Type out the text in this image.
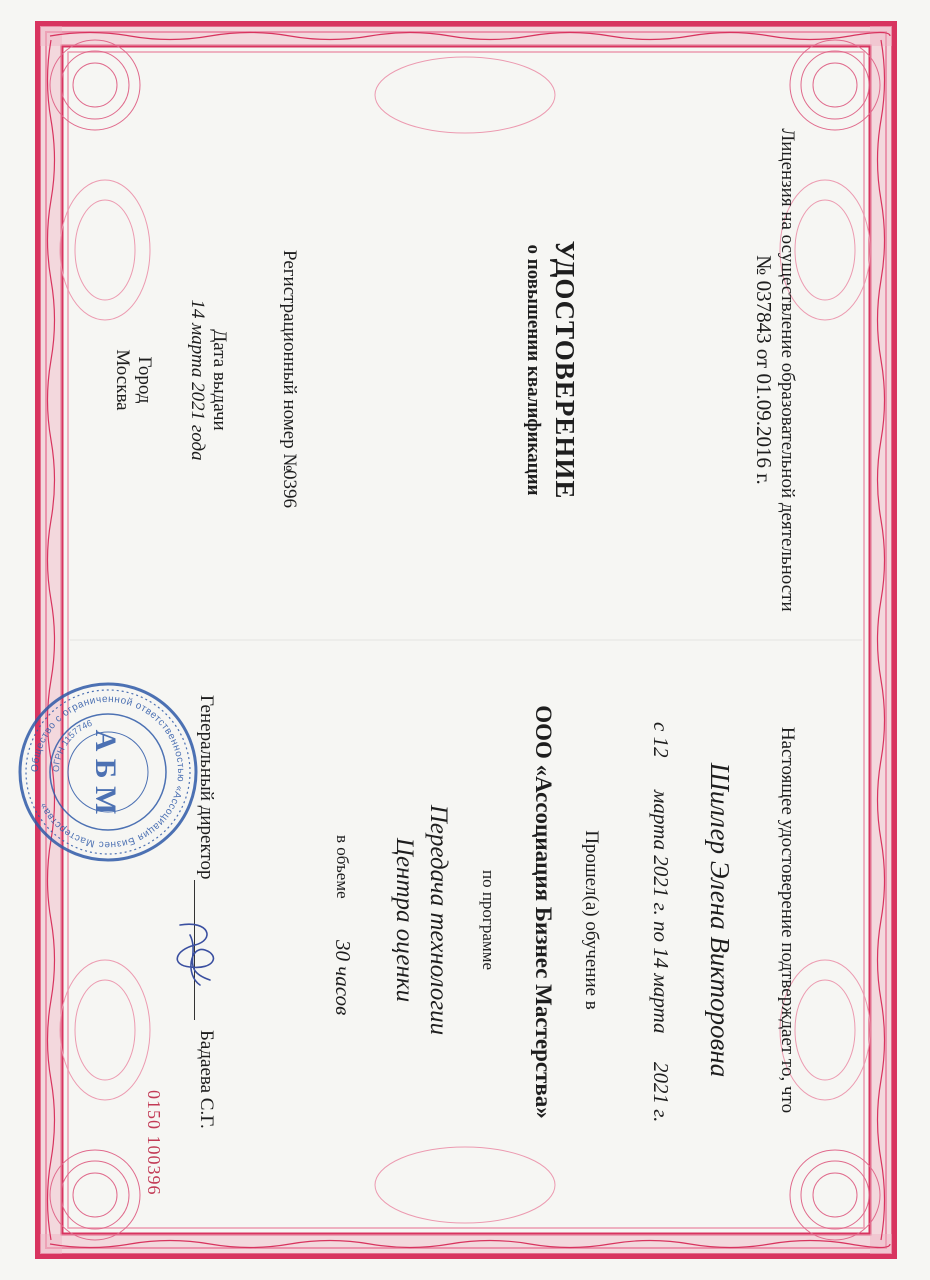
Лицензия на осуществление образовательной деятельности
№ 037843 от 01.09.2016 г.
УДОСТОВЕРЕНИЕ
о повышении квалификации
Регистрационный номер №
0396
Дата выдачи
14 марта 2021 года
Город
Москва
Настоящее удостоверение подтверждает то, что
Шиллер Элена Викторовна
с 12
марта 2021 г. по 14 марта
2021 г.
Прошел(а) обучение в
ООО «Ассоциация Бизнес Мастерства»
по программе
Передача технологии
Центра оценки
в объеме
30 часов
Генеральный директор
Бадаева С.Г.
0150 100396
А Б М
Общество с ограниченной ответственностью «Ассоциация Бизнес Мастерства»
ОГРН 1157746
